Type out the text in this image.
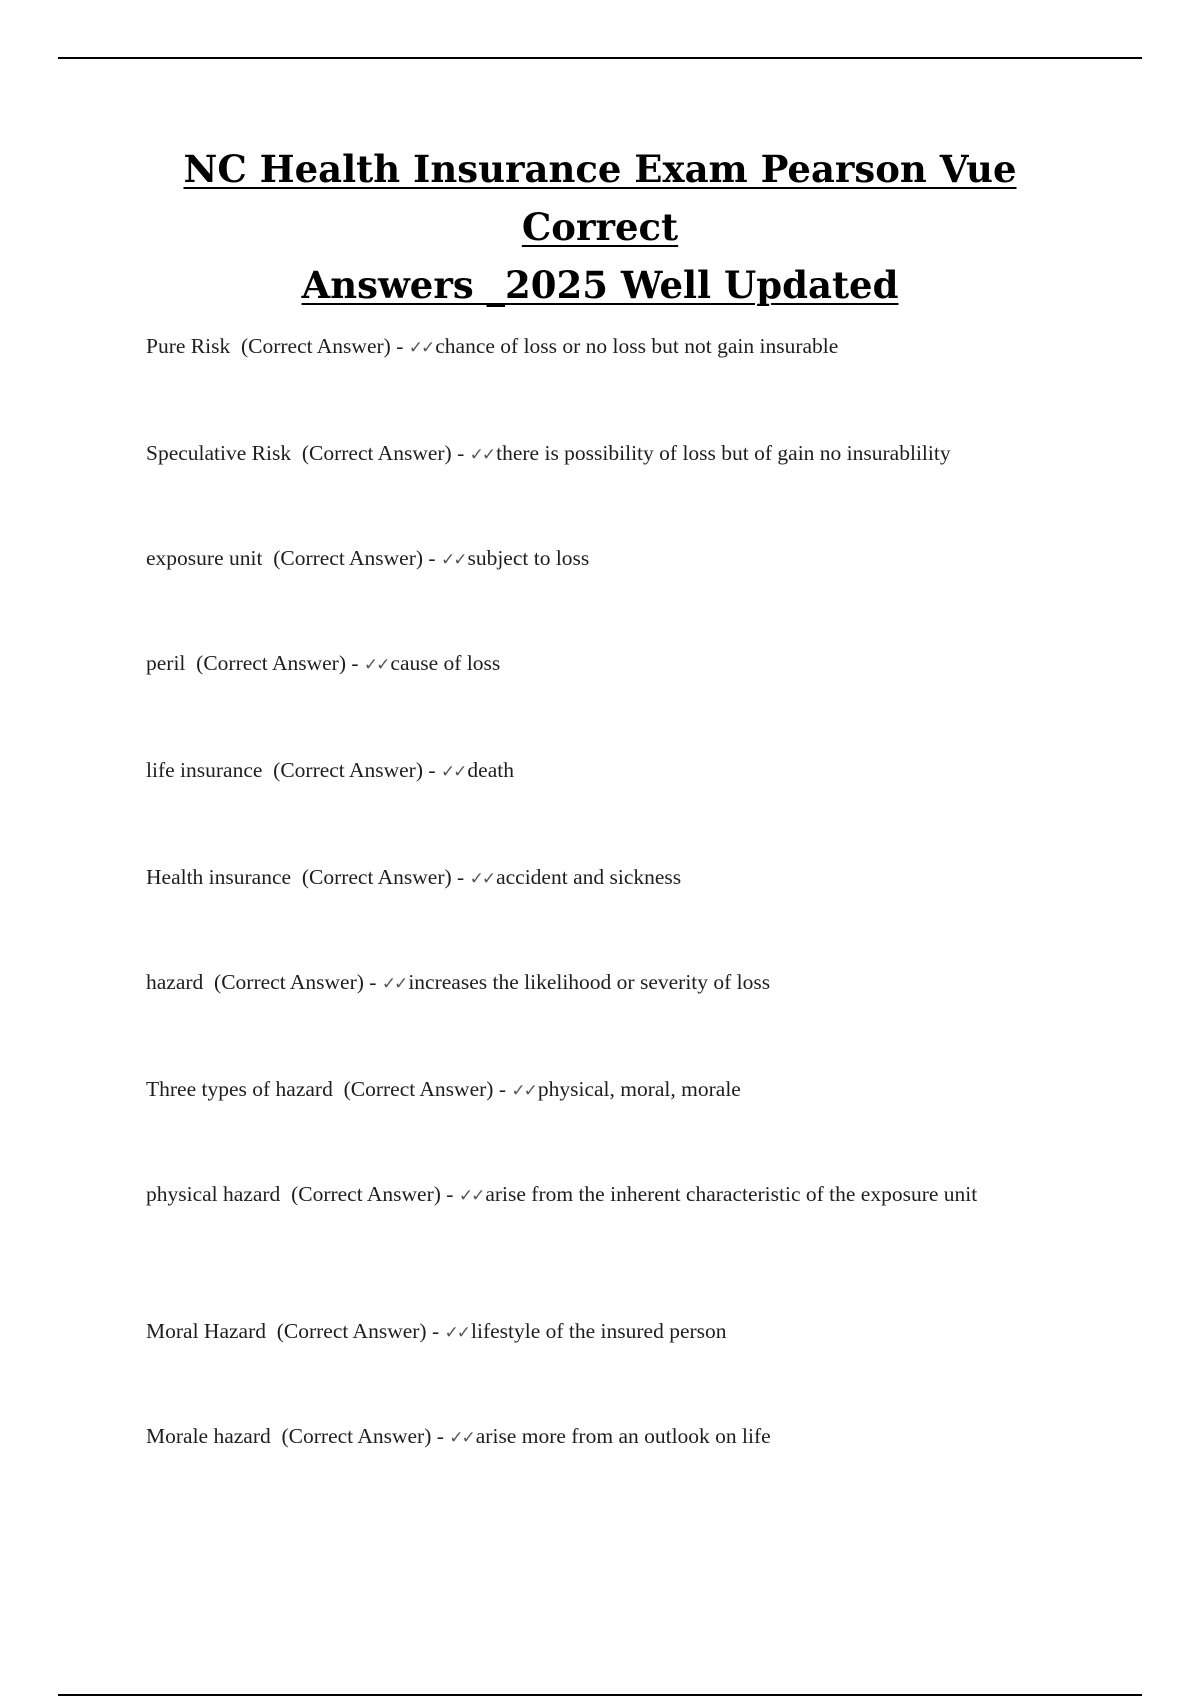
NC Health Insurance Exam Pearson Vue Correct
Answers _2025 Well Updated
Pure Risk (Correct Answer) - ✓✓chance of loss or no loss but not gain insurable
Speculative Risk (Correct Answer) - ✓✓there is possibility of loss but of gain no insurablility
exposure unit (Correct Answer) - ✓✓subject to loss
peril (Correct Answer) - ✓✓cause of loss
life insurance (Correct Answer) - ✓✓death
Health insurance (Correct Answer) - ✓✓accident and sickness
hazard (Correct Answer) - ✓✓increases the likelihood or severity of loss
Three types of hazard (Correct Answer) - ✓✓physical, moral, morale
physical hazard (Correct Answer) - ✓✓arise from the inherent characteristic of the exposure unit
Moral Hazard (Correct Answer) - ✓✓lifestyle of the insured person
Morale hazard (Correct Answer) - ✓✓arise more from an outlook on life
